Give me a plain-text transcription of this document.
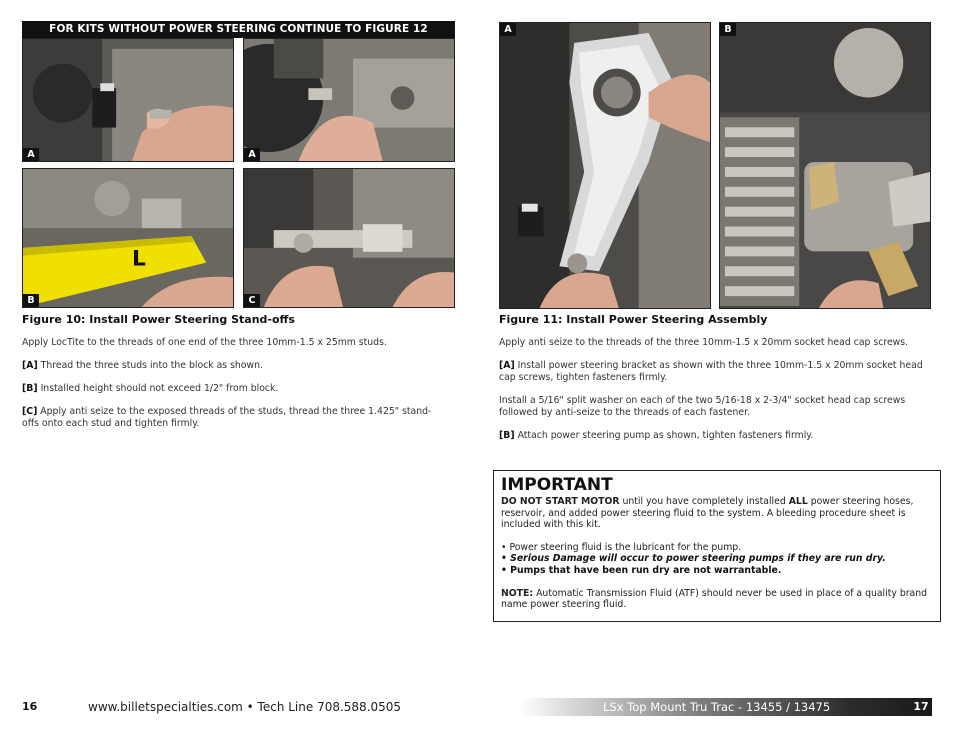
FOR KITS WITHOUT POWER STEERING CONTINUE TO FIGURE 12
A	A
L
B	C
Figure 10: Install Power Steering Stand-offs
Apply LocTite to the threads of one end of the three 10mm-1.5 x 25mm studs.
[A] Thread the three studs into the block as shown.
[B] Installed height should not exceed 1/2" from block.
[C] Apply anti seize to the exposed threads of the studs, thread the three 1.425" stand-offs onto each stud and tighten firmly.
A	B
Figure 11: Install Power Steering Assembly
Apply anti seize to the threads of the three 10mm-1.5 x 20mm socket head cap screws.
[A] Install power steering bracket as shown with the three 10mm-1.5 x 20mm socket head cap screws, tighten fasteners firmly.
Install a 5/16" split washer on each of the two 5/16-18 x 2-3/4" socket head cap screws followed by anti-seize to the threads of each fastener.
[B] Attach power steering pump as shown, tighten fasteners firmly.
IMPORTANT

DO NOT START MOTOR until you have completely installed ALL power steering hoses, reservoir, and added power steering fluid to the system. A bleeding procedure sheet is included with this kit.

• Power steering fluid is the lubricant for the pump.

• Serious Damage will occur to power steering pumps if they are run dry.

• Pumps that have been run dry are not warrantable.

NOTE: Automatic Transmission Fluid (ATF) should never be used in place of a quality brand name power steering fluid.

16	www.billetspecialties.com • Tech Line 708.588.0505	LSx Top Mount Tru Trac - 13455 / 13475	17
